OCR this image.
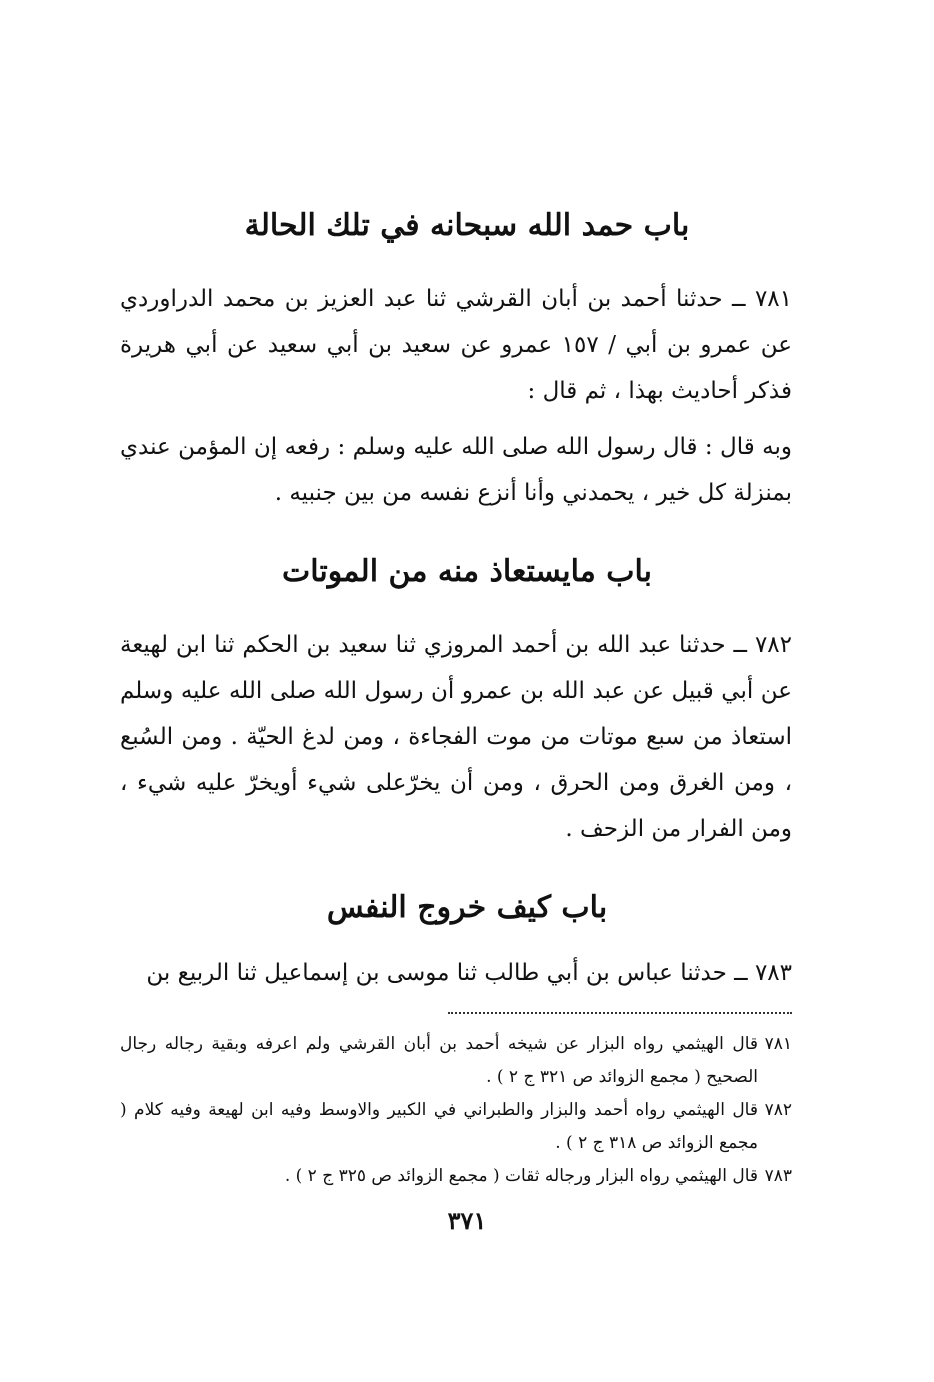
باب حمد الله سبحانه في تلك الحالة

٧٨١ ــ حدثنا أحمد بن أبان القرشي ثنا عبد العزيز بن محمد الدراوردي عن عمرو بن أبي / ١٥٧ عمرو عن سعيد بن أبي سعيد عن أبي هريرة فذكر أحاديث بهذا ، ثم قال :

وبه قال : قال رسول الله صلى الله عليه وسلم : رفعه إن المؤمن عندي بمنزلة كل خير ، يحمدني وأنا أنزع نفسه من بين جنبيه .

باب مايستعاذ منه من الموتات

٧٨٢ ــ حدثنا عبد الله بن أحمد المروزي ثنا سعيد بن الحكم ثنا ابن لهيعة عن أبي قبيل عن عبد الله بن عمرو أن رسول الله صلى الله عليه وسلم استعاذ من سبع موتات من موت الفجاءة ، ومن لدغ الحيّة . ومن السُبع ، ومن الغرق ومن الحرق ، ومن أن يخرّعلى شيء أويخرّ عليه شيء ، ومن الفرار من الزحف .

باب كيف خروج النفس

٧٨٣ ــ حدثنا عباس بن أبي طالب ثنا موسى بن إسماعيل ثنا الربيع بن

٧٨١
قال الهيثمي رواه البزار عن شيخه أحمد بن أبان القرشي ولم اعرفه وبقية رجاله رجال الصحيح ( مجمع الزوائد ص ٣٢١ ج ٢ ) .
٧٨٢
قال الهيثمي رواه أحمد والبزار والطبراني في الكبير والاوسط وفيه ابن لهيعة وفيه كلام ( مجمع الزوائد ص ٣١٨ ج ٢ ) .
٧٨٣
قال الهيثمي رواه البزار ورجاله ثقات ( مجمع الزوائد ص ٣٢٥ ج ٢ ) .
٣٧١
